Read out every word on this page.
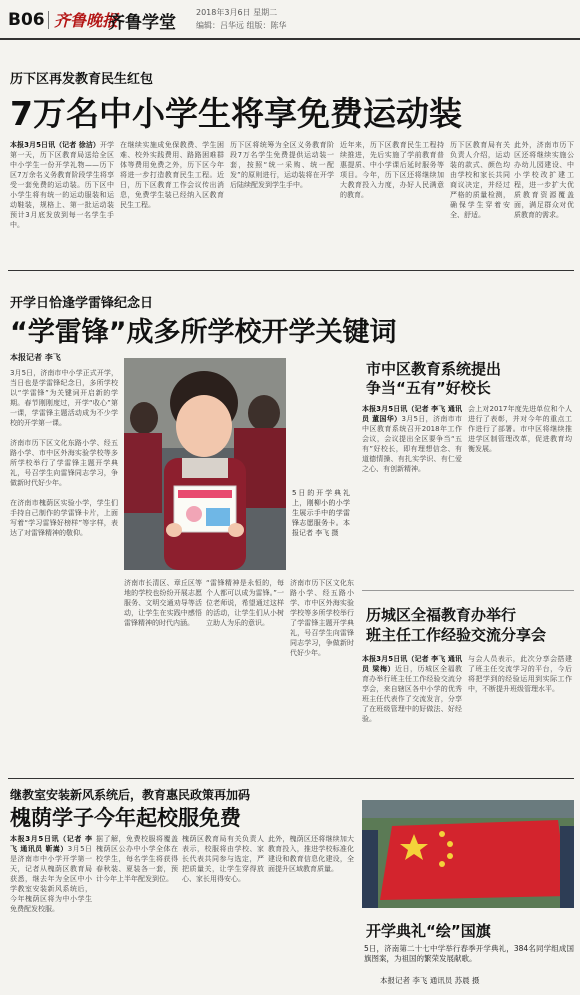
B06 齐鲁晚报
齐鲁学堂
2018年3月6日 星期二
编辑：吕华远 组版：陈华
历下区再发教育民生红包
7万名中小学生将享免费运动装
本报3月5日讯（记者 徐洁）开学第一天，历下区教育局送给全区中小学生一份开学礼物——历下区7万余名义务教育阶段学生将享受一套免费的运动装。历下区中小学生将有统一的运动服装和运动鞋装，规格上、第一批运动装预计3月底发放到每一名学生手中。
在继续实施成免保教费、学生困难、校外实践费用、路路困难群体等费用免费之外，历下区今年将进一步打造教育民生工程。近日，历下区教育工作会议传出消息，免费学生装已经纳入区教育民生工程。
历下区将统筹为全区义务教育阶段7万名学生免费提供运动装一套，按照“统一采购、统一配发”的原则进行，运动装将在开学后陆续配发到学生手中。
近年来，历下区教育民生工程持续推进，先后实施了学前教育普惠提质、中小学课后延时服务等项目。今年，历下区还将继续加大教育投入力度，办好人民满意的教育。
历下区教育局有关负责人介绍，运动装的款式、颜色均由学校和家长共同商议决定，并经过严格的质量检测，确保学生穿着安全、舒适。
此外，济南市历下区还将继续实施公办幼儿园建设、中小学校改扩建工程，进一步扩大优质教育资源覆盖面，满足群众对优质教育的需求。
开学日恰逢学雷锋纪念日
“学雷锋”成多所学校开学关键词
本报记者 李飞
3月5日，济南市中小学正式开学，当日也是学雷锋纪念日，多所学校以“学雷锋”为关键词开启新的学期。春节刚刚度过，开学“收心”第一课，学雷锋主题活动成为不少学校的开学第一课。

济南市历下区文化东路小学、经五路小学、市中区外海实验学校等多所学校举行了学雷锋主题开学典礼，号召学生向雷锋同志学习，争做新时代好少年。

在济南市槐荫区实验小学，学生们手持自己制作的学雷锋卡片，上面写着“学习雷锋好榜样”等字样，表达了对雷锋精神的敬仰。
5日的开学典礼上，刚柳小的小学生展示手中的学雷锋志愿服务卡。本报记者 李飞 摄
济南市长清区、章丘区等地的学校也纷纷开展志愿服务、文明交通劝导等活动，让学生在实践中感悟雷锋精神的时代内涵。
“雷锋精神是永恒的，每个人都可以成为雷锋。”一位老师说，希望通过这样的活动，让学生们从小树立助人为乐的意识。
济南市历下区文化东路小学、经五路小学、市中区外海实验学校等多所学校举行了学雷锋主题开学典礼，号召学生向雷锋同志学习，争做新时代好少年。
市中区教育系统提出
争当“五有”好校长
本报3月5日讯（记者 李飞 通讯员 董国华）3月5日，济南市市中区教育系统召开2018年工作会议，会议提出全区要争当“五有”好校长，即有理想信念、有道德情操、有扎实学识、有仁爱之心、有创新精神。
会上对2017年度先进单位和个人进行了表彰，并对今年的重点工作进行了部署。市中区将继续推进学区制管理改革，促进教育均衡发展。
历城区全福教育办举行
班主任工作经验交流分享会
本报3月5日讯（记者 李飞 通讯员 梁梅）近日，历城区全福教育办举行班主任工作经验交流分享会，来自辖区各中小学的优秀班主任代表作了交流发言，分享了在班级管理中的好做法、好经验。
与会人员表示，此次分享会搭建了班主任交流学习的平台，今后将把学到的经验运用到实际工作中，不断提升班级管理水平。
继教室安装新风系统后，教育惠民政策再加码
槐荫学子今年起校服免费
本报3月5日讯（记者 李飞 通讯员 靳嵩）3月5日是济南市中小学开学第一天，记者从槐荫区教育局获悉，继去年为全区中小学教室安装新风系统后，今年槐荫区将为中小学生免费配发校服。
据了解，免费校服将覆盖槐荫区公办中小学全体在校学生，每名学生将获得春秋装、夏装各一套，预计今年上半年配发到位。
槐荫区教育局有关负责人表示，校服将由学校、家长代表共同参与选定，严把质量关，让学生穿得放心、家长用得安心。
此外，槐荫区还将继续加大教育投入，推进学校标准化建设和教育信息化建设，全面提升区域教育质量。
开学典礼“绘”国旗
5日，济南第二十七中学举行春季开学典礼，384名同学组成国旗图案，为祖国的繁荣发展献歌。
本报记者 李飞 通讯员 苏晨 摄
